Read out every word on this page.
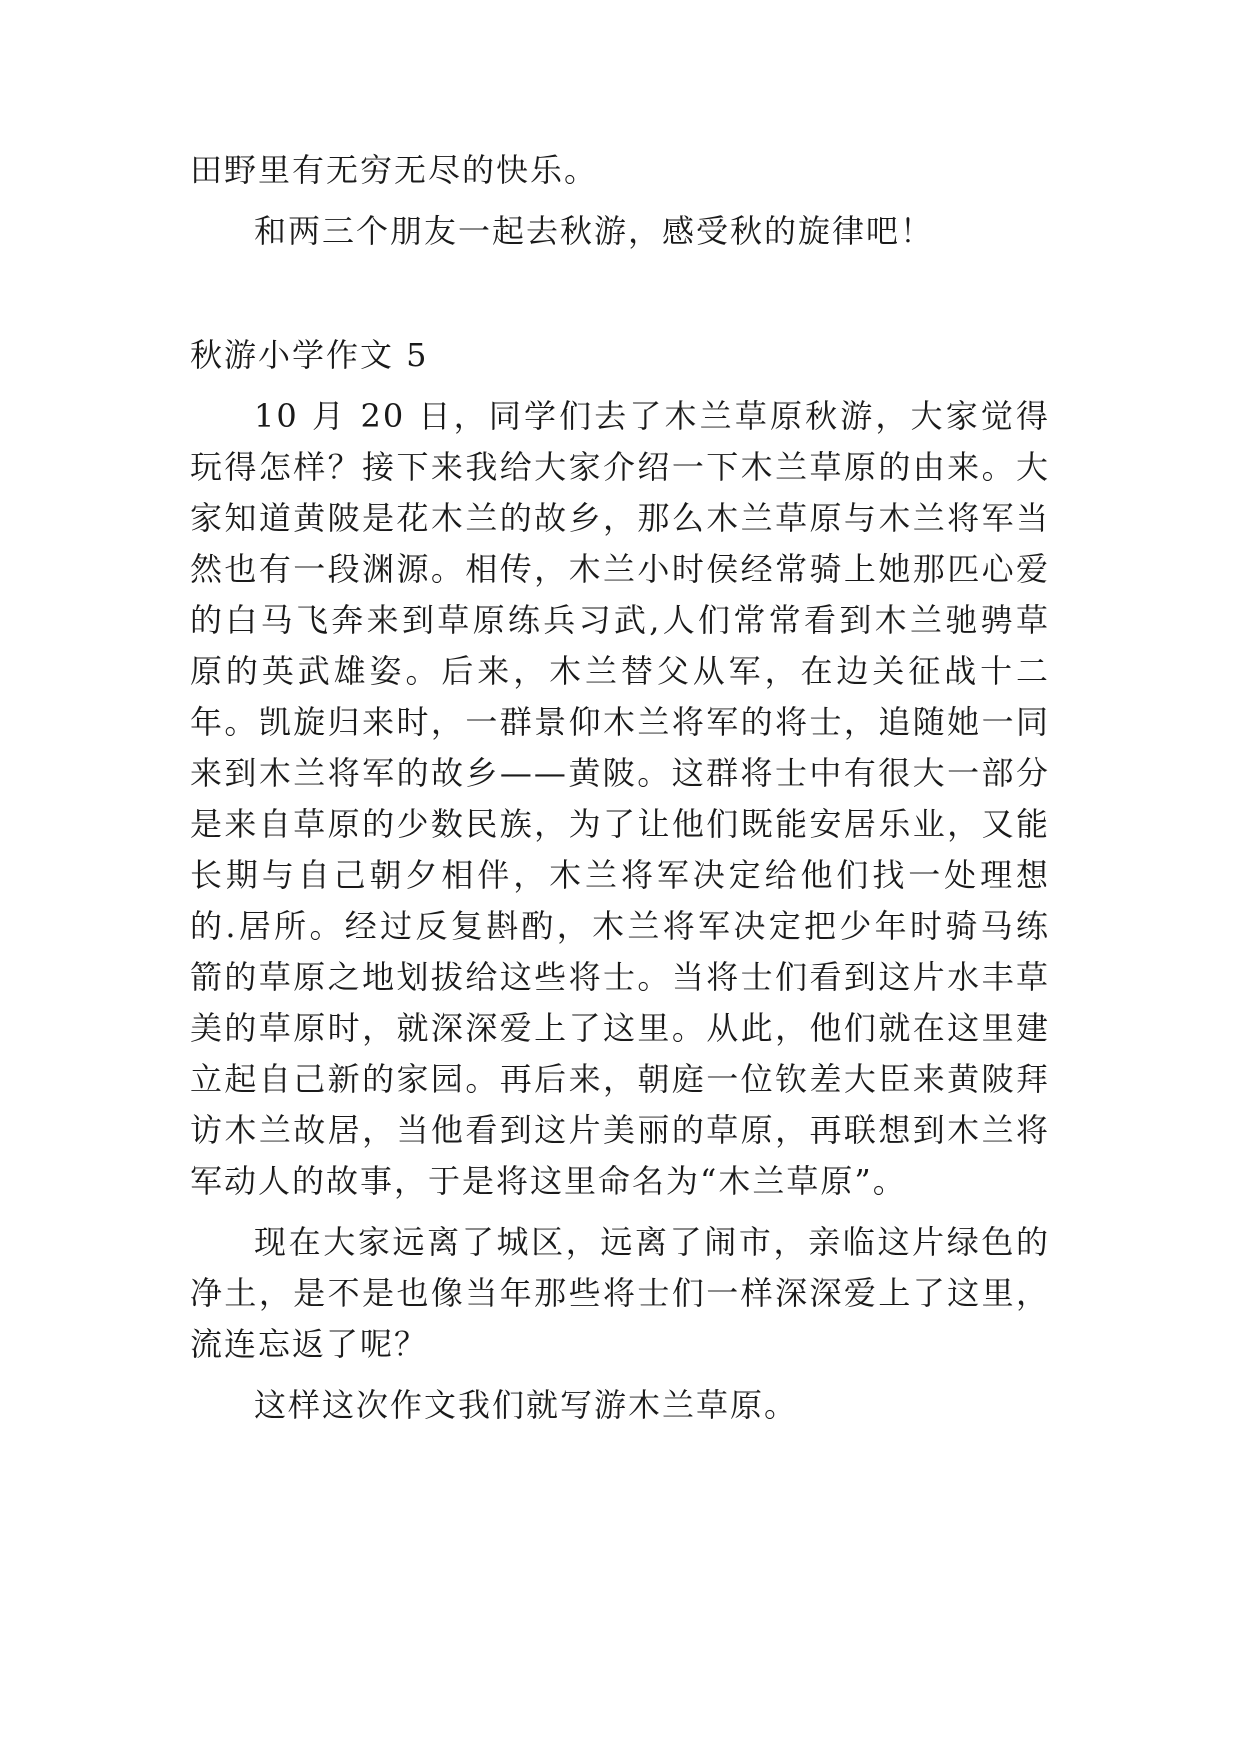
田野里有无穷无尽的快乐。

和两三个朋友一起去秋游，感受秋的旋律吧！

秋游小学作文 5

10 月 20 日，同学们去了木兰草原秋游，大家觉得玩得怎样？接下来我给大家介绍一下木兰草原的由来。大家知道黄陂是花木兰的故乡，那么木兰草原与木兰将军当然也有一段渊源。相传，木兰小时侯经常骑上她那匹心爱的白马飞奔来到草原练兵习武,人们常常看到木兰驰骋草原的英武雄姿。后来，木兰替父从军，在边关征战十二年。凯旋归来时，一群景仰木兰将军的将士，追随她一同来到木兰将军的故乡——黄陂。这群将士中有很大一部分是来自草原的少数民族，为了让他们既能安居乐业，又能长期与自己朝夕相伴，木兰将军决定给他们找一处理想的.居所。经过反复斟酌，木兰将军决定把少年时骑马练箭的草原之地划拔给这些将士。当将士们看到这片水丰草美的草原时，就深深爱上了这里。从此，他们就在这里建立起自己新的家园。再后来，朝庭一位钦差大臣来黄陂拜访木兰故居，当他看到这片美丽的草原，再联想到木兰将军动人的故事，于是将这里命名为“木兰草原”。

现在大家远离了城区，远离了闹市，亲临这片绿色的净土，是不是也像当年那些将士们一样深深爱上了这里，流连忘返了呢？

这样这次作文我们就写游木兰草原。
